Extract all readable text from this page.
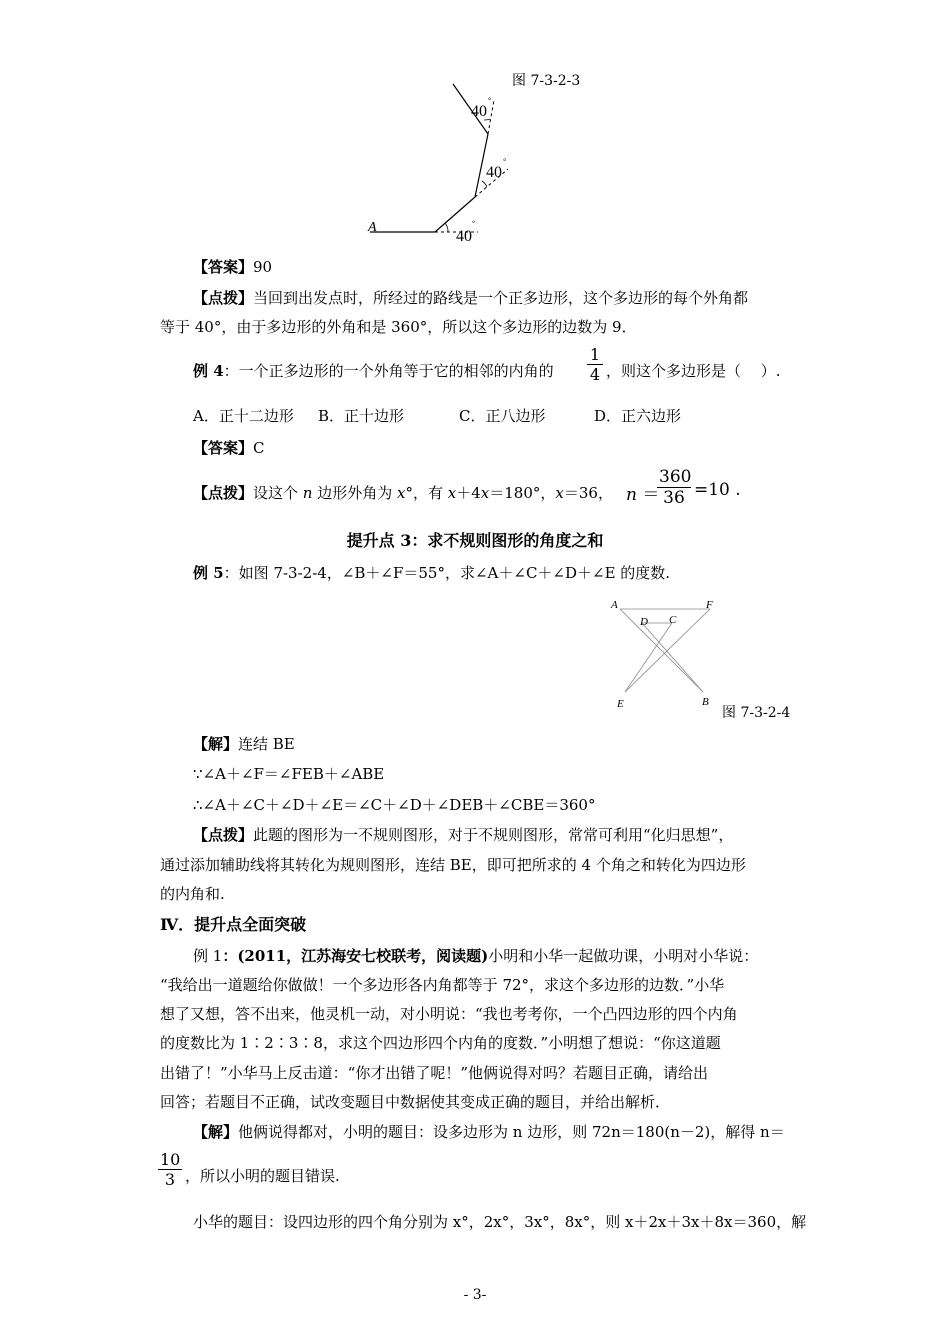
图 7-3-2-3
A
40
°
40
°
40
°
【答案】90
【点拨】当回到出发点时，所经过的路线是一个正多边形，这个多边形的每个外角都
等于 40°，由于多边形的外角和是 360°，所以这个多边形的边数为 9．
例 4：一个正多边形的一个外角等于它的相邻的内角的 $\frac{1}{4}$ ，则这个多边形是（　 ）.
A．正十二边形 B．正十边形	C．正八边形	D．正六边形
【答案】C
【点拨】设这个 n 边形外角为 x°，有 x＋4x＝180°，x＝36， n ＝
$\frac{360}{36} =10$ .
提升点 3：求不规则图形的角度之和
例 5：如图 7-3-2-4，∠B＋∠F＝55°，求∠A＋∠C＋∠D＋∠E 的度数.
A	F
D C
E	B
图 7-3-2-4
【解】连结 BE
∵∠A＋∠F＝∠FEB＋∠ABE
∴∠A＋∠C＋∠D＋∠E＝∠C＋∠D＋∠DEB＋∠CBE＝360°
【点拨】此题的图形为一不规则图形，对于不规则图形，常常可利用“化归思想”，
通过添加辅助线将其转化为规则图形，连结 BE，即可把所求的 4 个角之和转化为四边形
的内角和.
Ⅳ．提升点全面突破
例 1：(2011，江苏海安七校联考，阅读题)小明和小华一起做功课，小明对小华说：
“我给出一道题给你做做！一个多边形各内角都等于 72°，求这个多边形的边数．”小华
想了又想，答不出来，他灵机一动，对小明说：“我也考考你，一个凸四边形的四个内角
的度数比为 1∶2∶3∶8，求这个四边形四个内角的度数．”小明想了想说：“你这道题
出错了！”小华马上反击道：“你才出错了呢！”他俩说得对吗？若题目正确，请给出
回答；若题目不正确，试改变题目中数据使其变成正确的题目，并给出解析．
【解】他俩说得都对，小明的题目：设多边形为 n 边形，则 72n＝180(n－2)，解得 n＝
$\frac{10}{3}$ ，所以小明的题目错误.
小华的题目：设四边形的四个角分别为 x°，2x°，3x°，8x°，则 x＋2x＋3x＋8x＝360，解
- 3-
